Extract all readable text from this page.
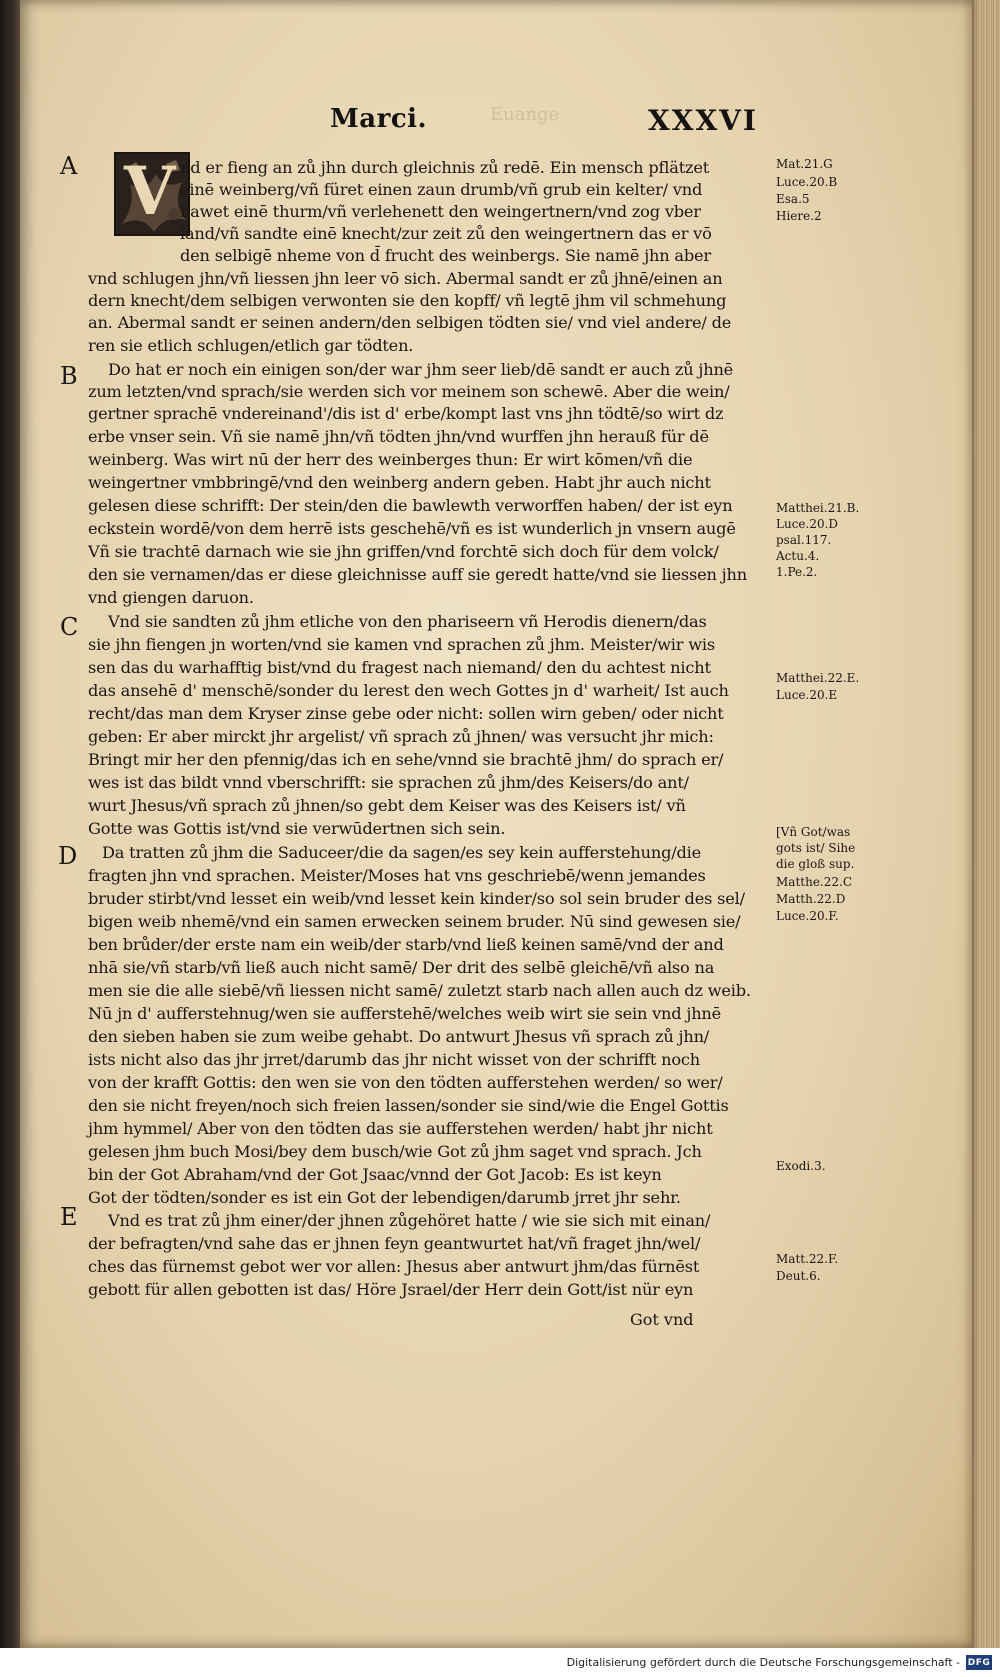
Marci.	Euange	XXXVI
A
B
C
D
E
V nd er fieng an zů jhn durch gleichnis zů redē. Ein mensch pflätzet
einē weinberg/vñ füret einen zaun drumb/vñ grub ein kelter/ vnd
bawet einē thurm/vñ verlehenett den weingertnern/vnd zog vber
land/vñ sandte einē knecht/zur zeit zů den weingertnern das er vō
den selbigē nheme von d̄ frucht des weinbergs. Sie namē jhn aber
vnd schlugen jhn/vñ liessen jhn leer vō sich. Abermal sandt er zů jhnē/einen an
dern knecht/dem selbigen verwonten sie den kopff/ vñ legtē jhm vil schmehung
an. Abermal sandt er seinen andern/den selbigen tödten sie/ vnd viel andere/ de
ren sie etlich schlugen/etlich gar tödten.
Do hat er noch ein einigen son/der war jhm seer lieb/dē sandt er auch zů jhnē
zum letzten/vnd sprach/sie werden sich vor meinem son schewē. Aber die wein/
gertner sprachē vndereinand'/dis ist d' erbe/kompt last vns jhn tödtē/so wirt dz
erbe vnser sein. Vñ sie namē jhn/vñ tödten jhn/vnd wurffen jhn herauß für dē
weinberg. Was wirt nū der herr des weinberges thun: Er wirt kōmen/vñ die
weingertner vmbbringē/vnd den weinberg andern geben. Habt jhr auch nicht
gelesen diese schrifft: Der stein/den die bawlewth verworffen haben/ der ist eyn
eckstein wordē/von dem herrē ists geschehē/vñ es ist wunderlich jn vnsern augē
Vñ sie trachtē darnach wie sie jhn griffen/vnd forchtē sich doch für dem volck/
den sie vernamen/das er diese gleichnisse auff sie geredt hatte/vnd sie liessen jhn
vnd giengen daruon.
Vnd sie sandten zů jhm etliche von den phariseern vñ Herodis dienern/das
sie jhn fiengen jn worten/vnd sie kamen vnd sprachen zů jhm. Meister/wir wis
sen das du warhafftig bist/vnd du fragest nach niemand/ den du achtest nicht
das ansehē d' menschē/sonder du lerest den wech Gottes jn d' warheit/ Ist auch
recht/das man dem Kryser zinse gebe oder nicht: sollen wirn geben/ oder nicht
geben: Er aber mirckt jhr argelist/ vñ sprach zů jhnen/ was versucht jhr mich:
Bringt mir her den pfennig/das ich en sehe/vnnd sie brachtē jhm/ do sprach er/
wes ist das bildt vnnd vberschrifft: sie sprachen zů jhm/des Keisers/do ant/
wurt Jhesus/vñ sprach zů jhnen/so gebt dem Keiser was des Keisers ist/ vñ
Gotte was Gottis ist/vnd sie verwūdertnen sich sein.
Da tratten zů jhm die Saduceer/die da sagen/es sey kein aufferstehung/die
fragten jhn vnd sprachen. Meister/Moses hat vns geschriebē/wenn jemandes
bruder stirbt/vnd lesset ein weib/vnd lesset kein kinder/so sol sein bruder des sel/
bigen weib nhemē/vnd ein samen erwecken seinem bruder. Nū sind gewesen sie/
ben brůder/der erste nam ein weib/der starb/vnd ließ keinen samē/vnd der and
nhā sie/vñ starb/vñ ließ auch nicht samē/ Der drit des selbē gleichē/vñ also na
men sie die alle siebē/vñ liessen nicht samē/ zuletzt starb nach allen auch dz weib.
Nū jn d' aufferstehnug/wen sie aufferstehē/welches weib wirt sie sein vnd jhnē
den sieben haben sie zum weibe gehabt. Do antwurt Jhesus vñ sprach zů jhn/
ists nicht also das jhr jrret/darumb das jhr nicht wisset von der schrifft noch
von der krafft Gottis: den wen sie von den tödten aufferstehen werden/ so wer/
den sie nicht freyen/noch sich freien lassen/sonder sie sind/wie die Engel Gottis
jhm hymmel/ Aber von den tödten das sie aufferstehen werden/ habt jhr nicht
gelesen jhm buch Mosi/bey dem busch/wie Got zů jhm saget vnd sprach. Jch
bin der Got Abraham/vnd der Got Jsaac/vnnd der Got Jacob: Es ist keyn
Got der tödten/sonder es ist ein Got der lebendigen/darumb jrret jhr sehr.
Vnd es trat zů jhm einer/der jhnen zůgehöret hatte / wie sie sich mit einan/
der befragten/vnd sahe das er jhnen feyn geantwurtet hat/vñ fraget jhn/wel/
ches das fürnemst gebot wer vor allen: Jhesus aber antwurt jhm/das fürnēst
gebott für allen gebotten ist das/ Höre Jsrael/der Herr dein Gott/ist nür eyn
Got vnd
Mat.21.G
Luce.20.B
Esa.5
Hiere.2
Matthei.21.B.
Luce.20.D
psal.117.
Actu.4.
1.Pe.2.
Matthei.22.E.
Luce.20.E
[Vñ Got/was
gots ist/ Sihe
die gloß sup.
Matthe.22.C
Matth.22.D
Luce.20.F.
Exodi.3.
Matt.22.F.
Deut.6.
Digitalisierung gefördert durch die Deutsche Forschungsgemeinschaft - DFG
